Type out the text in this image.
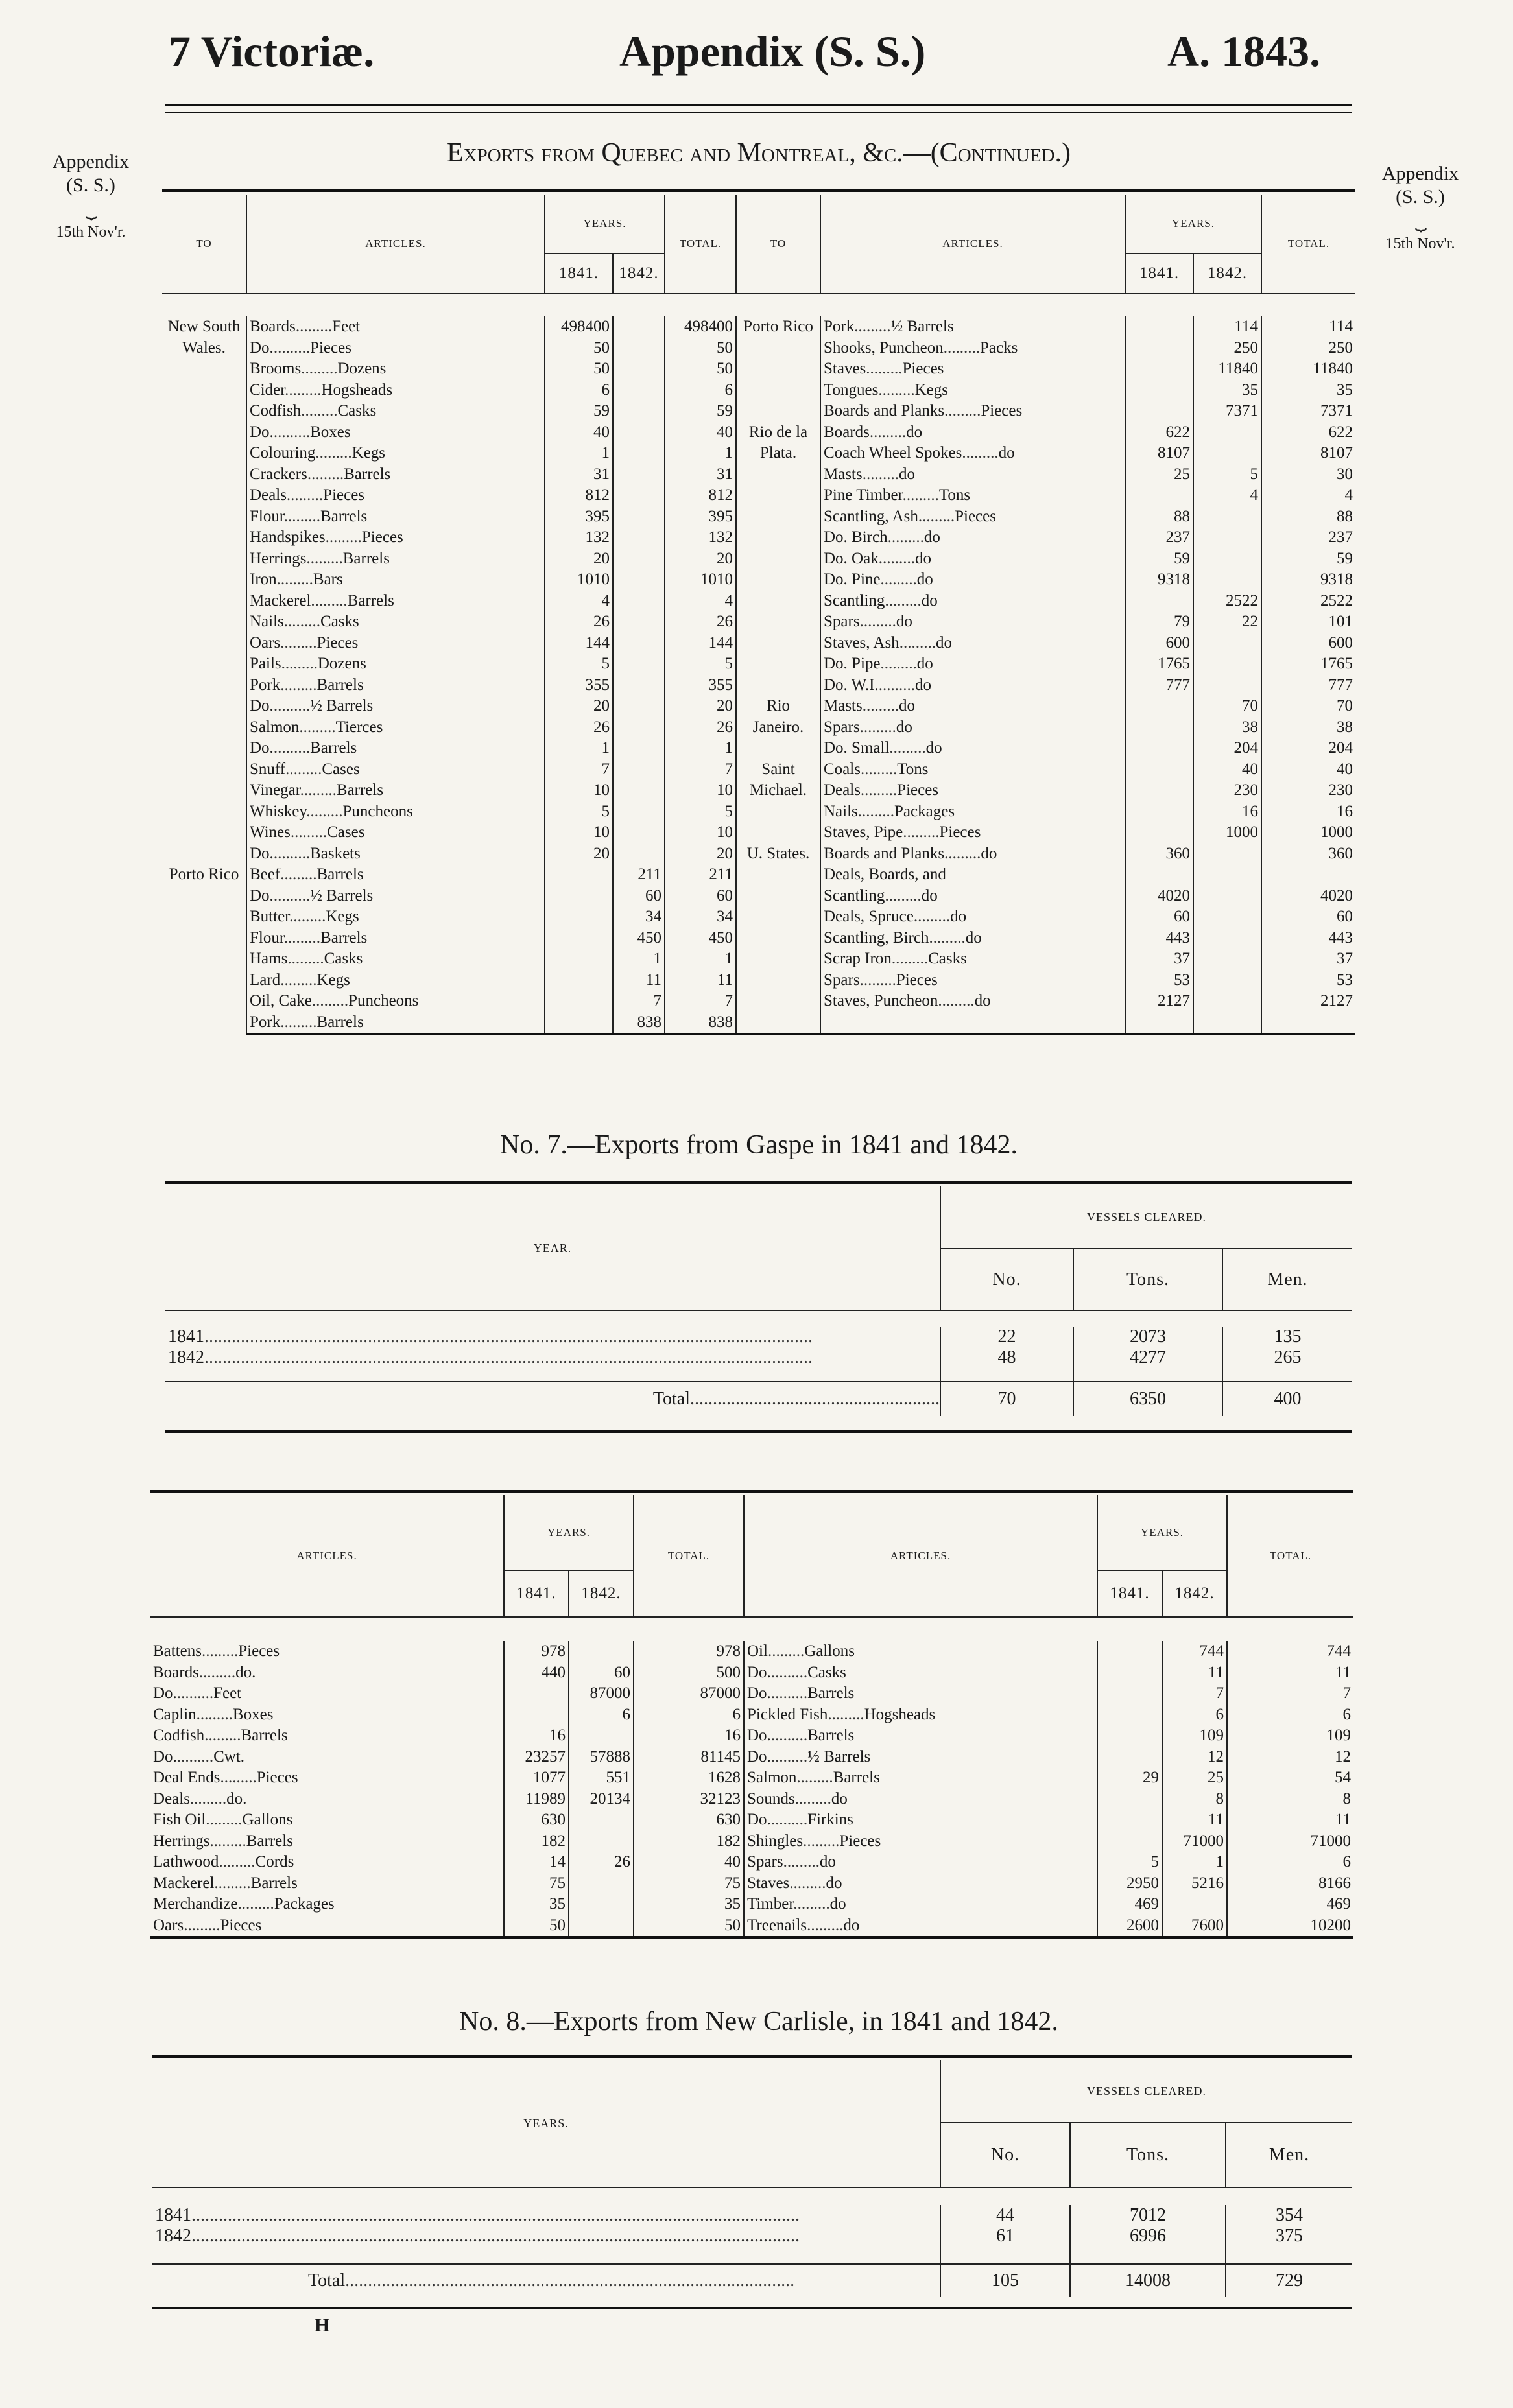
7 Victoriæ.	Appendix (S. S.)	A. 1843.
Appendix
(S. S.)
⏟
15th Nov'r.
Appendix
(S. S.)
⏟
15th Nov'r.
Exports from Quebec and Montreal, &c.—(Continued.)
TO	ARTICLES.	YEARS.		TOTAL.	TO	ARTICLES.	YEARS.		TOTAL.
		1841.	1842.				1841.	1842.	

New South Wales.	Boards.........Feet	498400		498400	Porto Rico	Pork.........½ Barrels		114	114
	Do..........Pieces	50		50		Shooks, Puncheon.........Packs		250	250
	Brooms.........Dozens	50		50		Staves.........Pieces		11840	11840
	Cider.........Hogsheads	6		6		Tongues.........Kegs		35	35
	Codfish.........Casks	59		59		Boards and Planks.........Pieces		7371	7371
	Do..........Boxes	40		40	Rio de la Plata.	Boards.........do	622		622
	Colouring.........Kegs	1		1		Coach Wheel Spokes.........do	8107		8107
	Crackers.........Barrels	31		31		Masts.........do	25	5	30
	Deals.........Pieces	812		812		Pine Timber.........Tons		4	4
	Flour.........Barrels	395		395		Scantling, Ash.........Pieces	88		88
	Handspikes.........Pieces	132		132		Do. Birch.........do	237		237
	Herrings.........Barrels	20		20		Do. Oak.........do	59		59
	Iron.........Bars	1010		1010		Do. Pine.........do	9318		9318
	Mackerel.........Barrels	4		4		Scantling.........do		2522	2522
	Nails.........Casks	26		26		Spars.........do	79	22	101
	Oars.........Pieces	144		144		Staves, Ash.........do	600		600
	Pails.........Dozens	5		5		Do. Pipe.........do	1765		1765
	Pork.........Barrels	355		355		Do. W.I..........do	777		777
	Do..........½ Barrels	20		20	Rio Janeiro.	Masts.........do		70	70
	Salmon.........Tierces	26		26		Spars.........do		38	38
	Do..........Barrels	1		1		Do. Small.........do		204	204
	Snuff.........Cases	7		7	Saint Michael.	Coals.........Tons		40	40
	Vinegar.........Barrels	10		10		Deals.........Pieces		230	230
	Whiskey.........Puncheons	5		5		Nails.........Packages		16	16
	Wines.........Cases	10		10		Staves, Pipe.........Pieces		1000	1000
	Do..........Baskets	20		20	U. States.	Boards and Planks.........do	360		360
Porto Rico	Beef.........Barrels		211	211		Deals, Boards, and			
	Do..........½ Barrels		60	60		Scantling.........do	4020		4020
	Butter.........Kegs		34	34		Deals, Spruce.........do	60		60
	Flour.........Barrels		450	450		Scantling, Birch.........do	443		443
	Hams.........Casks		1	1		Scrap Iron.........Casks	37		37
	Lard.........Kegs		11	11		Spars.........Pieces	53		53
	Oil, Cake.........Puncheons		7	7		Staves, Puncheon.........do	2127		2127
	Pork.........Barrels		838	838					
No. 7.—Exports from Gaspe in 1841 and 1842.
YEAR.	VESSELS CLEARED.		
	No.	Tons.	Men.

1841......................................................................................................................................	22	2073	135
1842......................................................................................................................................	48	4277	265

Total.......................................................	70	6350	400
ARTICLES.	YEARS.		TOTAL.	ARTICLES.	YEARS.		TOTAL.
	1841.	1842.			1841.	1842.	

Battens.........Pieces	978		978	Oil.........Gallons		744	744
Boards.........do.	440	60	500	Do..........Casks		11	11
Do..........Feet		87000	87000	Do..........Barrels		7	7
Caplin.........Boxes		6	6	Pickled Fish.........Hogsheads		6	6
Codfish.........Barrels	16		16	Do..........Barrels		109	109
Do..........Cwt.	23257	57888	81145	Do..........½ Barrels		12	12
Deal Ends.........Pieces	1077	551	1628	Salmon.........Barrels	29	25	54
Deals.........do.	11989	20134	32123	Sounds.........do		8	8
Fish Oil.........Gallons	630		630	Do..........Firkins		11	11
Herrings.........Barrels	182		182	Shingles.........Pieces		71000	71000
Lathwood.........Cords	14	26	40	Spars.........do	5	1	6
Mackerel.........Barrels	75		75	Staves.........do	2950	5216	8166
Merchandize.........Packages	35		35	Timber.........do	469		469
Oars.........Pieces	50		50	Treenails.........do	2600	7600	10200
No. 8.—Exports from New Carlisle, in 1841 and 1842.
YEARS.	VESSELS CLEARED.		
	No.	Tons.	Men.

1841......................................................................................................................................	44	7012	354
1842......................................................................................................................................	61	6996	375

Total...................................................................................................	105	14008	729
H
